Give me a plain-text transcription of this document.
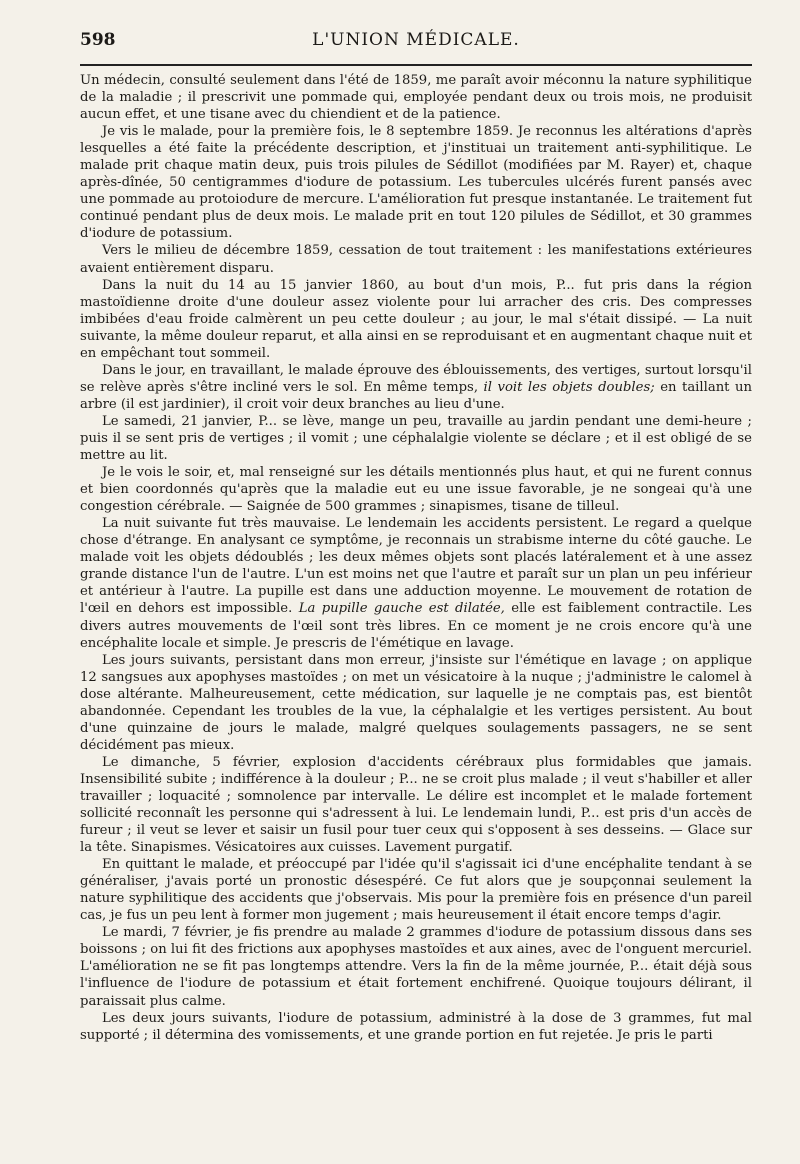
598	L'UNION MÉDICALE.

Un médecin, consulté seulement dans l'été de 1859, me paraît avoir méconnu la nature syphilitique de la maladie ; il prescrivit une pommade qui, employée pendant deux ou trois mois, ne produisit aucun effet, et une tisane avec du chiendient et de la patience.

Je vis le malade, pour la première fois, le 8 septembre 1859. Je reconnus les altérations d'après lesquelles a été faite la précédente description, et j'instituai un traitement anti-syphilitique. Le malade prit chaque matin deux, puis trois pilules de Sédillot (modifiées par M. Rayer) et, chaque après-dînée, 50 centigrammes d'iodure de potassium. Les tubercules ulcérés furent pansés avec une pommade au protoiodure de mercure. L'amélioration fut presque instantanée. Le traitement fut continué pendant plus de deux mois. Le malade prit en tout 120 pilules de Sédillot, et 30 grammes d'iodure de potassium.

Vers le milieu de décembre 1859, cessation de tout traitement : les manifestations extérieures avaient entièrement disparu.

Dans la nuit du 14 au 15 janvier 1860, au bout d'un mois, P... fut pris dans la région mastoïdienne droite d'une douleur assez violente pour lui arracher des cris. Des compresses imbibées d'eau froide calmèrent un peu cette douleur ; au jour, le mal s'était dissipé. — La nuit suivante, la même douleur reparut, et alla ainsi en se reproduisant et en augmentant chaque nuit et en empêchant tout sommeil.

Dans le jour, en travaillant, le malade éprouve des éblouissements, des vertiges, surtout lorsqu'il se relève après s'être incliné vers le sol. En même temps, il voit les objets doubles; en taillant un arbre (il est jardinier), il croit voir deux branches au lieu d'une.

Le samedi, 21 janvier, P... se lève, mange un peu, travaille au jardin pendant une demi-heure ; puis il se sent pris de vertiges ; il vomit ; une céphalalgie violente se déclare ; et il est obligé de se mettre au lit.

Je le vois le soir, et, mal renseigné sur les détails mentionnés plus haut, et qui ne furent connus et bien coordonnés qu'après que la maladie eut eu une issue favorable, je ne songeai qu'à une congestion cérébrale. — Saignée de 500 grammes ; sinapismes, tisane de tilleul.

La nuit suivante fut très mauvaise. Le lendemain les accidents persistent. Le regard a quelque chose d'étrange. En analysant ce symptôme, je reconnais un strabisme interne du côté gauche. Le malade voit les objets dédoublés ; les deux mêmes objets sont placés latéralement et à une assez grande distance l'un de l'autre. L'un est moins net que l'autre et paraît sur un plan un peu inférieur et antérieur à l'autre. La pupille est dans une adduction moyenne. Le mouvement de rotation de l'œil en dehors est impossible. La pupille gauche est dilatée, elle est faiblement contractile. Les divers autres mouvements de l'œil sont très libres. En ce moment je ne crois encore qu'à une encéphalite locale et simple. Je prescris de l'émétique en lavage.

Les jours suivants, persistant dans mon erreur, j'insiste sur l'émétique en lavage ; on applique 12 sangsues aux apophyses mastoïdes ; on met un vésicatoire à la nuque ; j'administre le calomel à dose altérante. Malheureusement, cette médication, sur laquelle je ne comptais pas, est bientôt abandonnée. Cependant les troubles de la vue, la céphalalgie et les vertiges persistent. Au bout d'une quinzaine de jours le malade, malgré quelques soulagements passagers, ne se sent décidément pas mieux.

Le dimanche, 5 février, explosion d'accidents cérébraux plus formidables que jamais. Insensibilité subite ; indifférence à la douleur ; P... ne se croit plus malade ; il veut s'habiller et aller travailler ; loquacité ; somnolence par intervalle. Le délire est incomplet et le malade fortement sollicité reconnaît les personne qui s'adressent à lui. Le lendemain lundi, P... est pris d'un accès de fureur ; il veut se lever et saisir un fusil pour tuer ceux qui s'opposent à ses desseins. — Glace sur la tête. Sinapismes. Vésicatoires aux cuisses. Lavement purgatif.

En quittant le malade, et préoccupé par l'idée qu'il s'agissait ici d'une encéphalite tendant à se généraliser, j'avais porté un pronostic désespéré. Ce fut alors que je soupçonnai seulement la nature syphilitique des accidents que j'observais. Mis pour la première fois en présence d'un pareil cas, je fus un peu lent à former mon jugement ; mais heureusement il était encore temps d'agir.

Le mardi, 7 février, je fis prendre au malade 2 grammes d'iodure de potassium dissous dans ses boissons ; on lui fit des frictions aux apophyses mastoïdes et aux aines, avec de l'onguent mercuriel. L'amélioration ne se fit pas longtemps attendre. Vers la fin de la même journée, P... était déjà sous l'influence de l'iodure de potassium et était fortement enchifrené. Quoique toujours délirant, il paraissait plus calme.

Les deux jours suivants, l'iodure de potassium, administré à la dose de 3 grammes, fut mal supporté ; il détermina des vomissements, et une grande portion en fut rejetée. Je pris le parti
